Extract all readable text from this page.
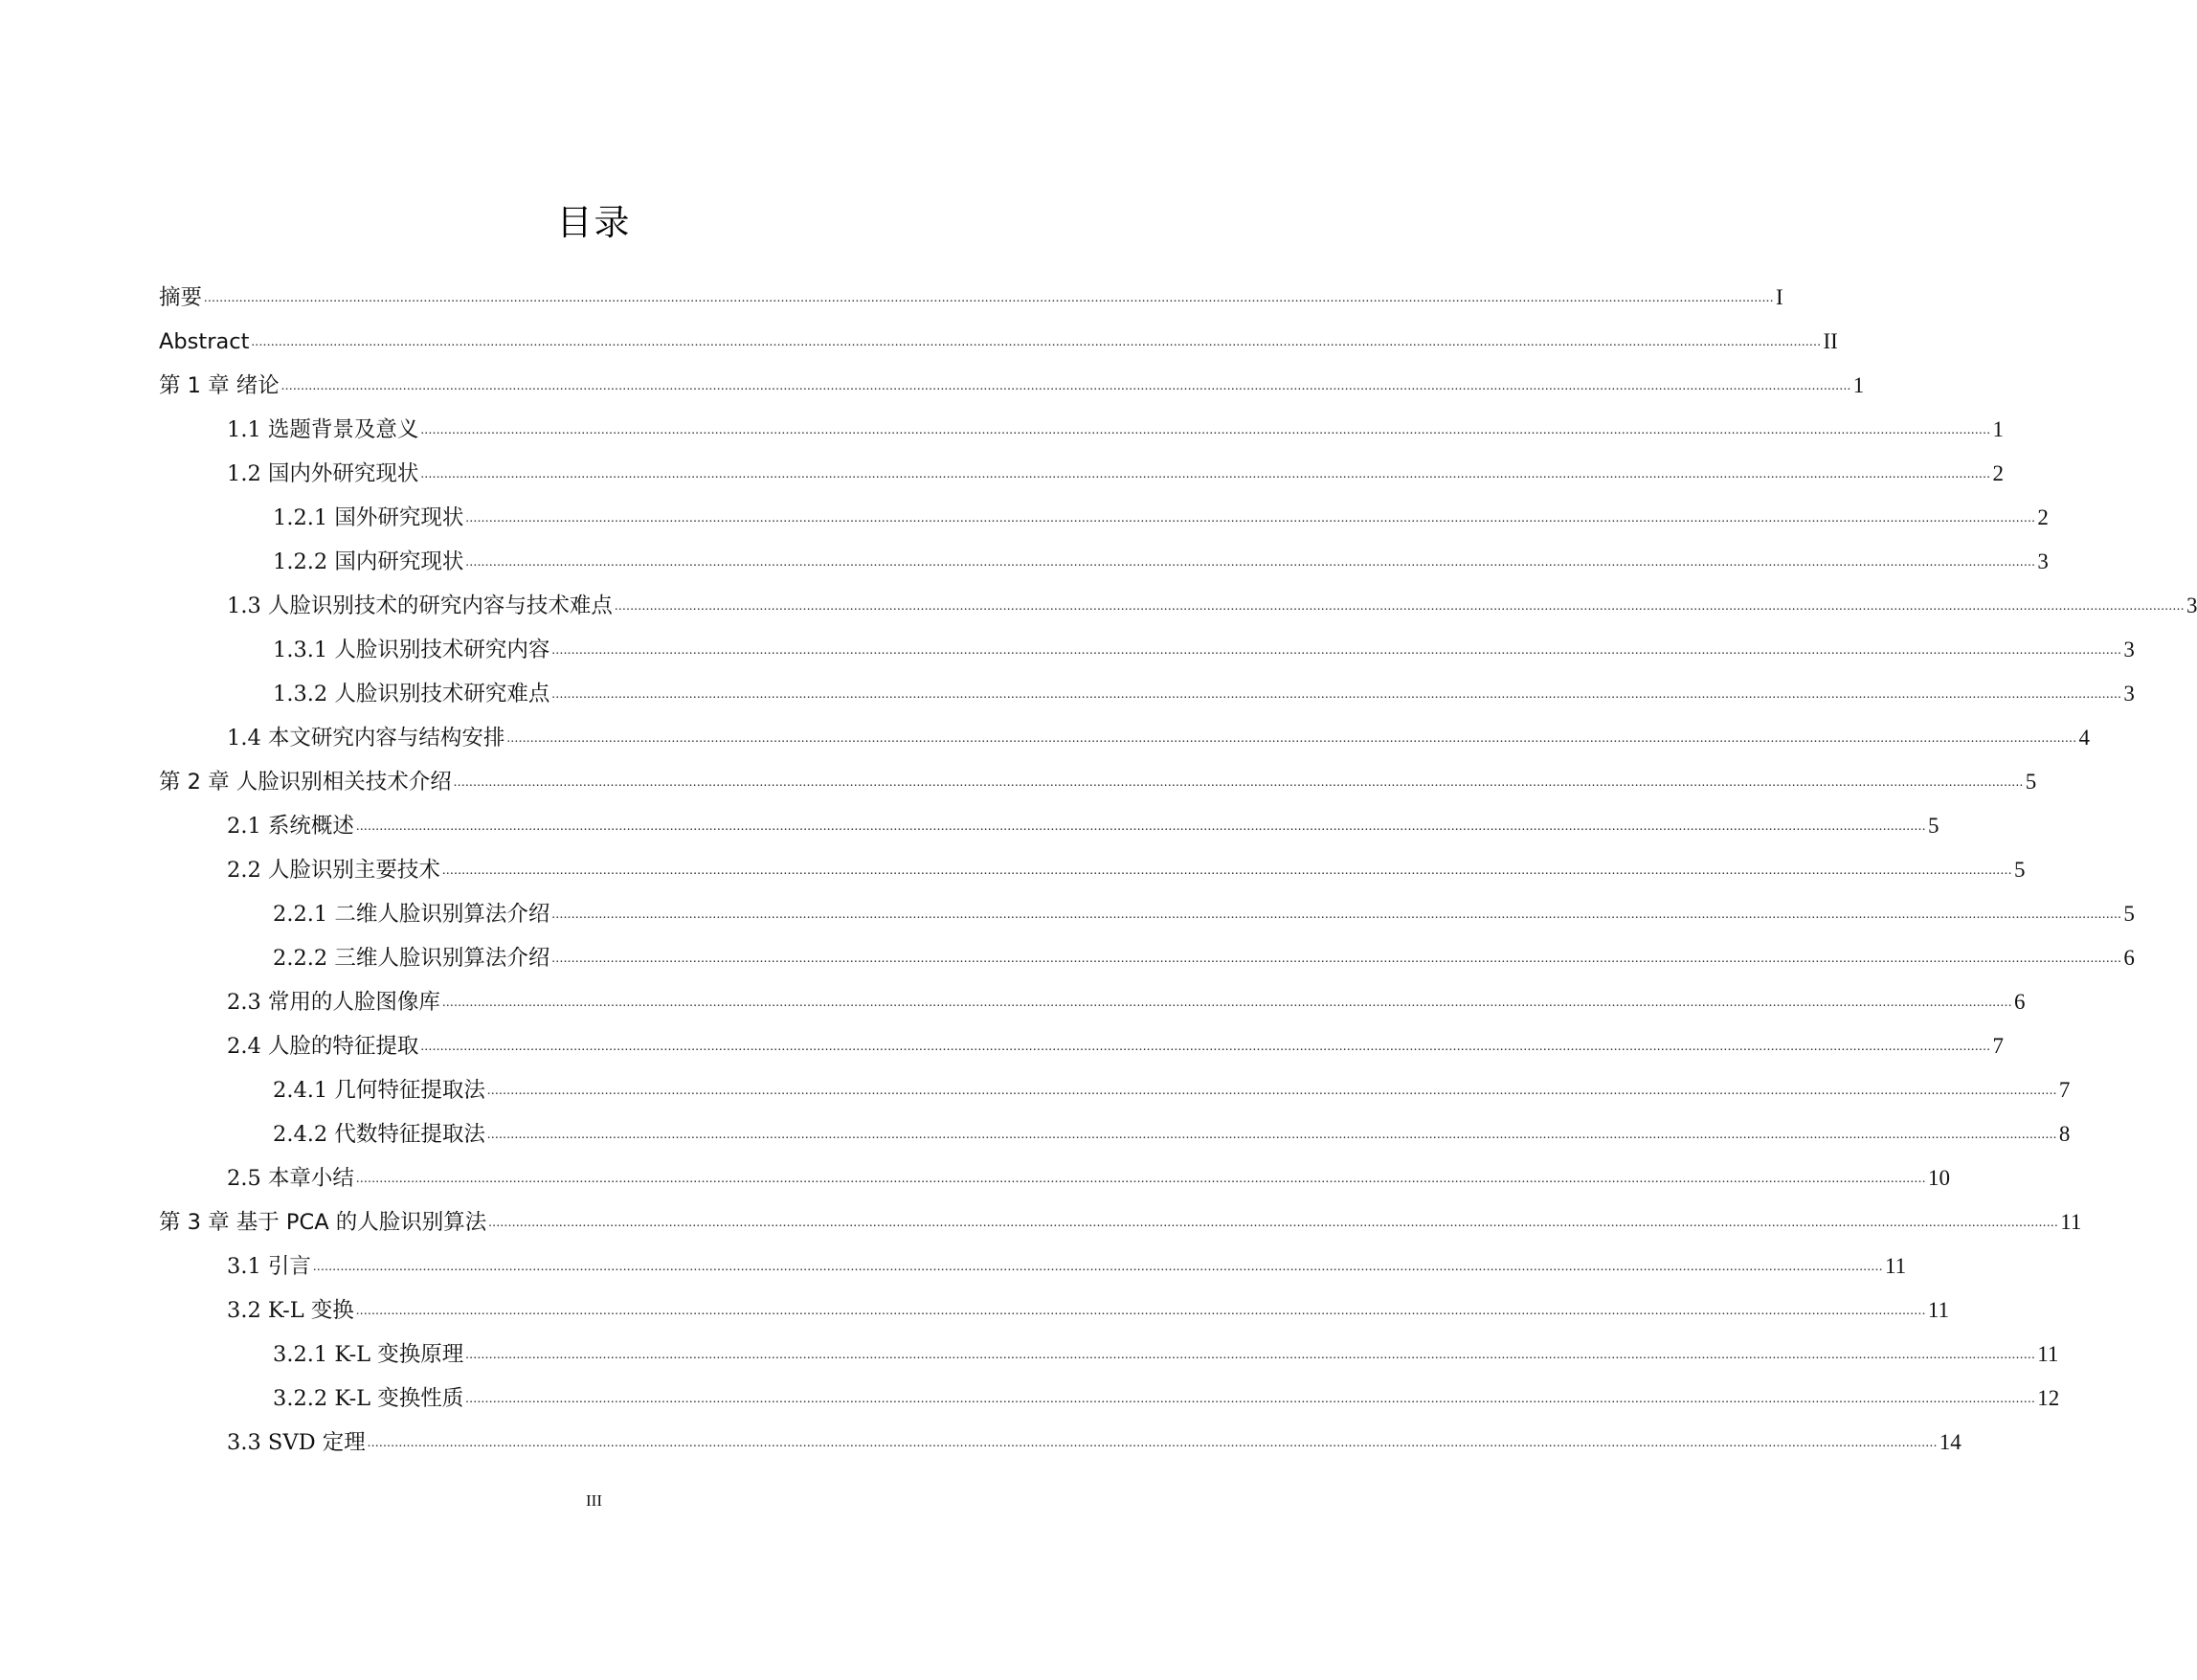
目录
摘要 ................................................................................................................................................................................................................................................................................................................................................................................................................ I
Abstract ................................................................................................................................................................................................................................................................................................................................................................................................................ II
第 1 章 绪论 ................................................................................................................................................................................................................................................................................................................................................................................................................ 1
1.1 选题背景及意义 ................................................................................................................................................................................................................................................................................................................................................................................................................ 1
1.2 国内外研究现状 ................................................................................................................................................................................................................................................................................................................................................................................................................ 2
1.2.1 国外研究现状 ................................................................................................................................................................................................................................................................................................................................................................................................................ 2
1.2.2 国内研究现状 ................................................................................................................................................................................................................................................................................................................................................................................................................ 3
1.3 人脸识别技术的研究内容与技术难点 ................................................................................................................................................................................................................................................................................................................................................................................................................ 3
1.3.1 人脸识别技术研究内容 ................................................................................................................................................................................................................................................................................................................................................................................................................ 3
1.3.2 人脸识别技术研究难点 ................................................................................................................................................................................................................................................................................................................................................................................................................ 3
1.4 本文研究内容与结构安排 ................................................................................................................................................................................................................................................................................................................................................................................................................ 4
第 2 章 人脸识别相关技术介绍 ................................................................................................................................................................................................................................................................................................................................................................................................................ 5
2.1 系统概述 ................................................................................................................................................................................................................................................................................................................................................................................................................ 5
2.2 人脸识别主要技术 ................................................................................................................................................................................................................................................................................................................................................................................................................ 5
2.2.1 二维人脸识别算法介绍 ................................................................................................................................................................................................................................................................................................................................................................................................................ 5
2.2.2 三维人脸识别算法介绍 ................................................................................................................................................................................................................................................................................................................................................................................................................ 6
2.3 常用的人脸图像库 ................................................................................................................................................................................................................................................................................................................................................................................................................ 6
2.4 人脸的特征提取 ................................................................................................................................................................................................................................................................................................................................................................................................................ 7
2.4.1 几何特征提取法 ................................................................................................................................................................................................................................................................................................................................................................................................................ 7
2.4.2 代数特征提取法 ................................................................................................................................................................................................................................................................................................................................................................................................................ 8
2.5 本章小结 ................................................................................................................................................................................................................................................................................................................................................................................................................ 10
第 3 章 基于 PCA 的人脸识别算法 ................................................................................................................................................................................................................................................................................................................................................................................................................ 11
3.1 引言 ................................................................................................................................................................................................................................................................................................................................................................................................................ 11
3.2 K-L 变换 ................................................................................................................................................................................................................................................................................................................................................................................................................ 11
3.2.1 K-L 变换原理 ................................................................................................................................................................................................................................................................................................................................................................................................................ 11
3.2.2 K-L 变换性质 ................................................................................................................................................................................................................................................................................................................................................................................................................ 12
3.3 SVD 定理 ................................................................................................................................................................................................................................................................................................................................................................................................................ 14
III
